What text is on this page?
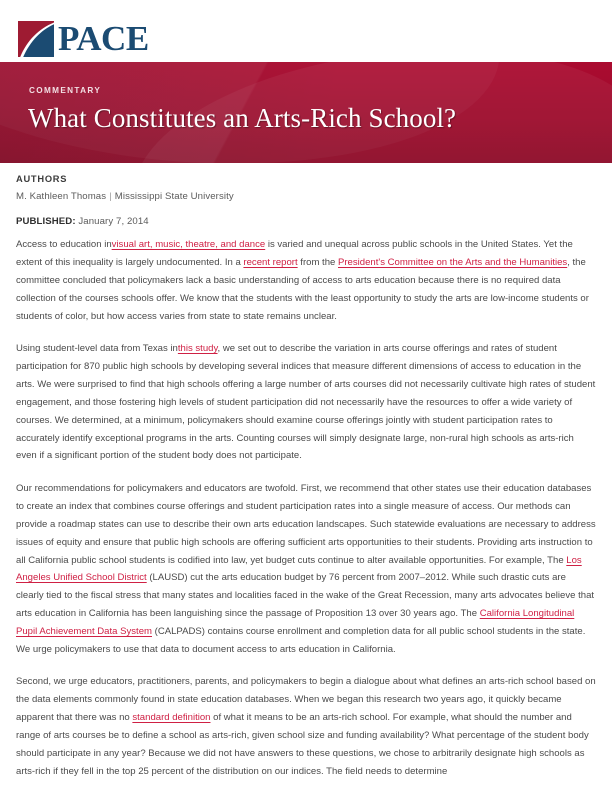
PACE
COMMENTARY
What Constitutes an Arts-Rich School?
AUTHORS
M. Kathleen Thomas | Mississippi State University
PUBLISHED: January 7, 2014

Access to education invisual art, music, theatre, and dance is varied and unequal across public schools in the United States. Yet the extent of this inequality is largely undocumented. In a recent report from the President's Committee on the Arts and the Humanities, the committee concluded that policymakers lack a basic understanding of access to arts education because there is no required data collection of the courses schools offer. We know that the students with the least opportunity to study the arts are low-income students or students of color, but how access varies from state to state remains unclear.

Using student-level data from Texas inthis study, we set out to describe the variation in arts course offerings and rates of student participation for 870 public high schools by developing several indices that measure different dimensions of access to education in the arts. We were surprised to find that high schools offering a large number of arts courses did not necessarily cultivate high rates of student engagement, and those fostering high levels of student participation did not necessarily have the resources to offer a wide variety of courses. We determined, at a minimum, policymakers should examine course offerings jointly with student participation rates to accurately identify exceptional programs in the arts. Counting courses will simply designate large, non-rural high schools as arts-rich even if a significant portion of the student body does not participate.

Our recommendations for policymakers and educators are twofold. First, we recommend that other states use their education databases to create an index that combines course offerings and student participation rates into a single measure of access. Our methods can provide a roadmap states can use to describe their own arts education landscapes. Such statewide evaluations are necessary to address issues of equity and ensure that public high schools are offering sufficient arts opportunities to their students. Providing arts instruction to all California public school students is codified into law, yet budget cuts continue to alter available opportunities. For example, The Los Angeles Unified School District (LAUSD) cut the arts education budget by 76 percent from 2007–2012. While such drastic cuts are clearly tied to the fiscal stress that many states and localities faced in the wake of the Great Recession, many arts advocates believe that arts education in California has been languishing since the passage of Proposition 13 over 30 years ago. The California Longitudinal Pupil Achievement Data System (CALPADS) contains course enrollment and completion data for all public school students in the state. We urge policymakers to use that data to document access to arts education in California.

Second, we urge educators, practitioners, parents, and policymakers to begin a dialogue about what defines an arts-rich school based on the data elements commonly found in state education databases. When we began this research two years ago, it quickly became apparent that there was no standard definition of what it means to be an arts-rich school. For example, what should the number and range of arts courses be to define a school as arts-rich, given school size and funding availability? What percentage of the student body should participate in any year? Because we did not have answers to these questions, we chose to arbitrarily designate high schools as arts-rich if they fell in the top 25 percent of the distribution on our indices. The field needs to determine
